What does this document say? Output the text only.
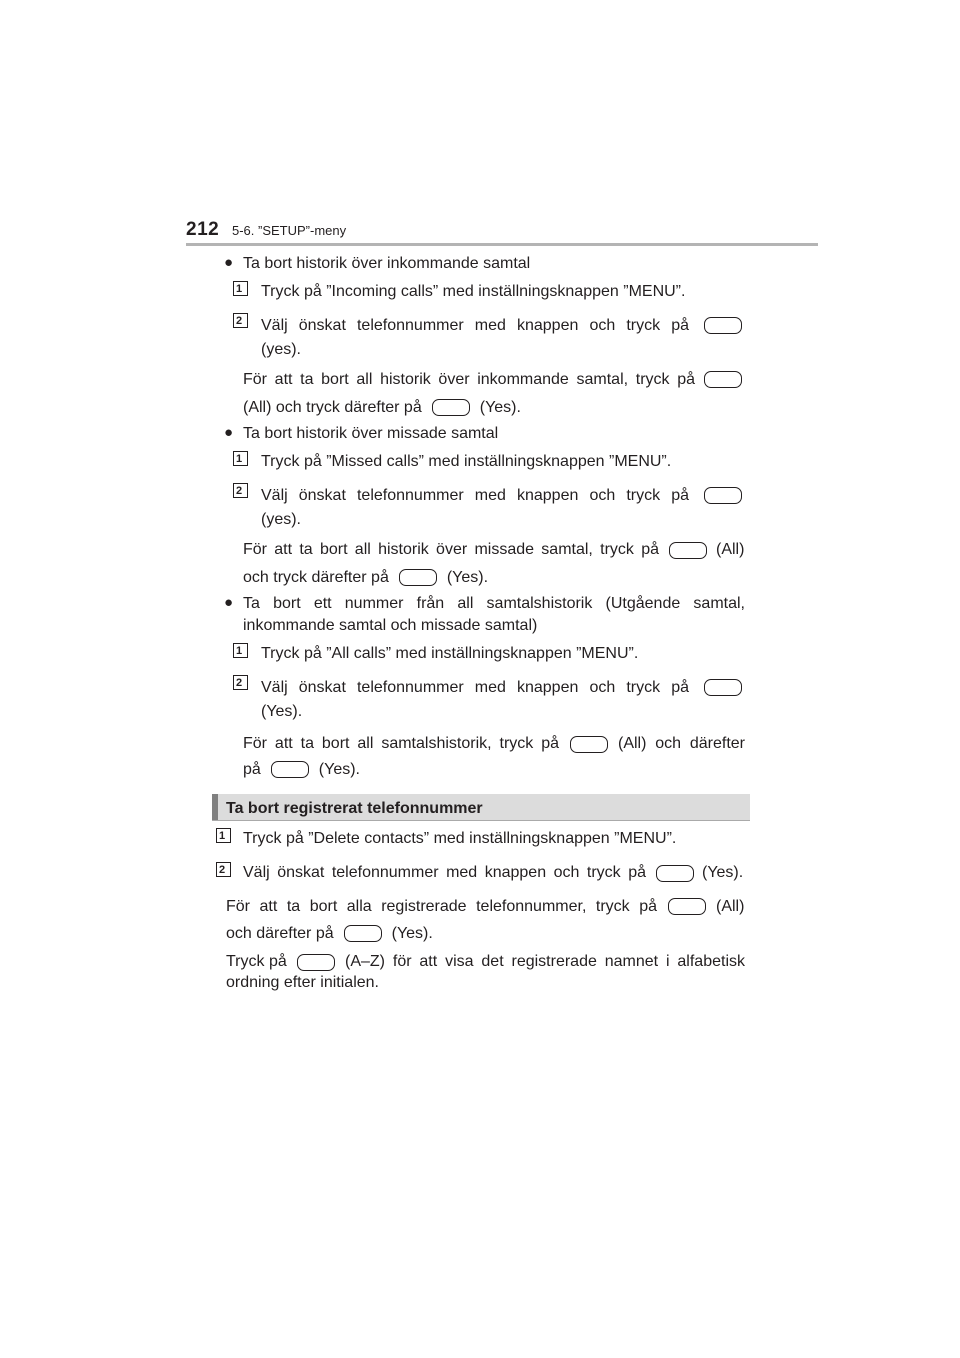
212 5-6. ”SETUP”-meny
● Ta bort historik över inkommande samtal
1	Tryck på ”Incoming calls” med inställningsknappen ”MENU”.
2	Välj önskat telefonnummer med knappen och tryck på
(yes).
För att ta bort all historik över inkommande samtal, tryck på
(All) och tryck därefter på	(Yes).
● Ta bort historik över missade samtal
1	Tryck på ”Missed calls” med inställningsknappen ”MENU”.
2	Välj önskat telefonnummer med knappen och tryck på
(yes).
För att ta bort all historik över missade samtal, tryck på	(All)
och tryck därefter på	(Yes).
● Ta bort ett nummer från all samtalshistorik (Utgående samtal,
inkommande samtal och missade samtal)
1	Tryck på ”All calls” med inställningsknappen ”MENU”.
2	Välj önskat telefonnummer med knappen och tryck på
(Yes).
För att ta bort all samtalshistorik, tryck på	(All) och därefter
på	(Yes).
Ta bort registrerat telefonnummer
1	Tryck på ”Delete contacts” med inställningsknappen ”MENU”.
2	Välj önskat telefonnummer med knappen och tryck på	(Yes).
För att ta bort alla registrerade telefonnummer, tryck på	(All)
och därefter på	(Yes).
Tryck på	(A–Z) för att visa det registrerade namnet i alfabetisk
ordning efter initialen.
